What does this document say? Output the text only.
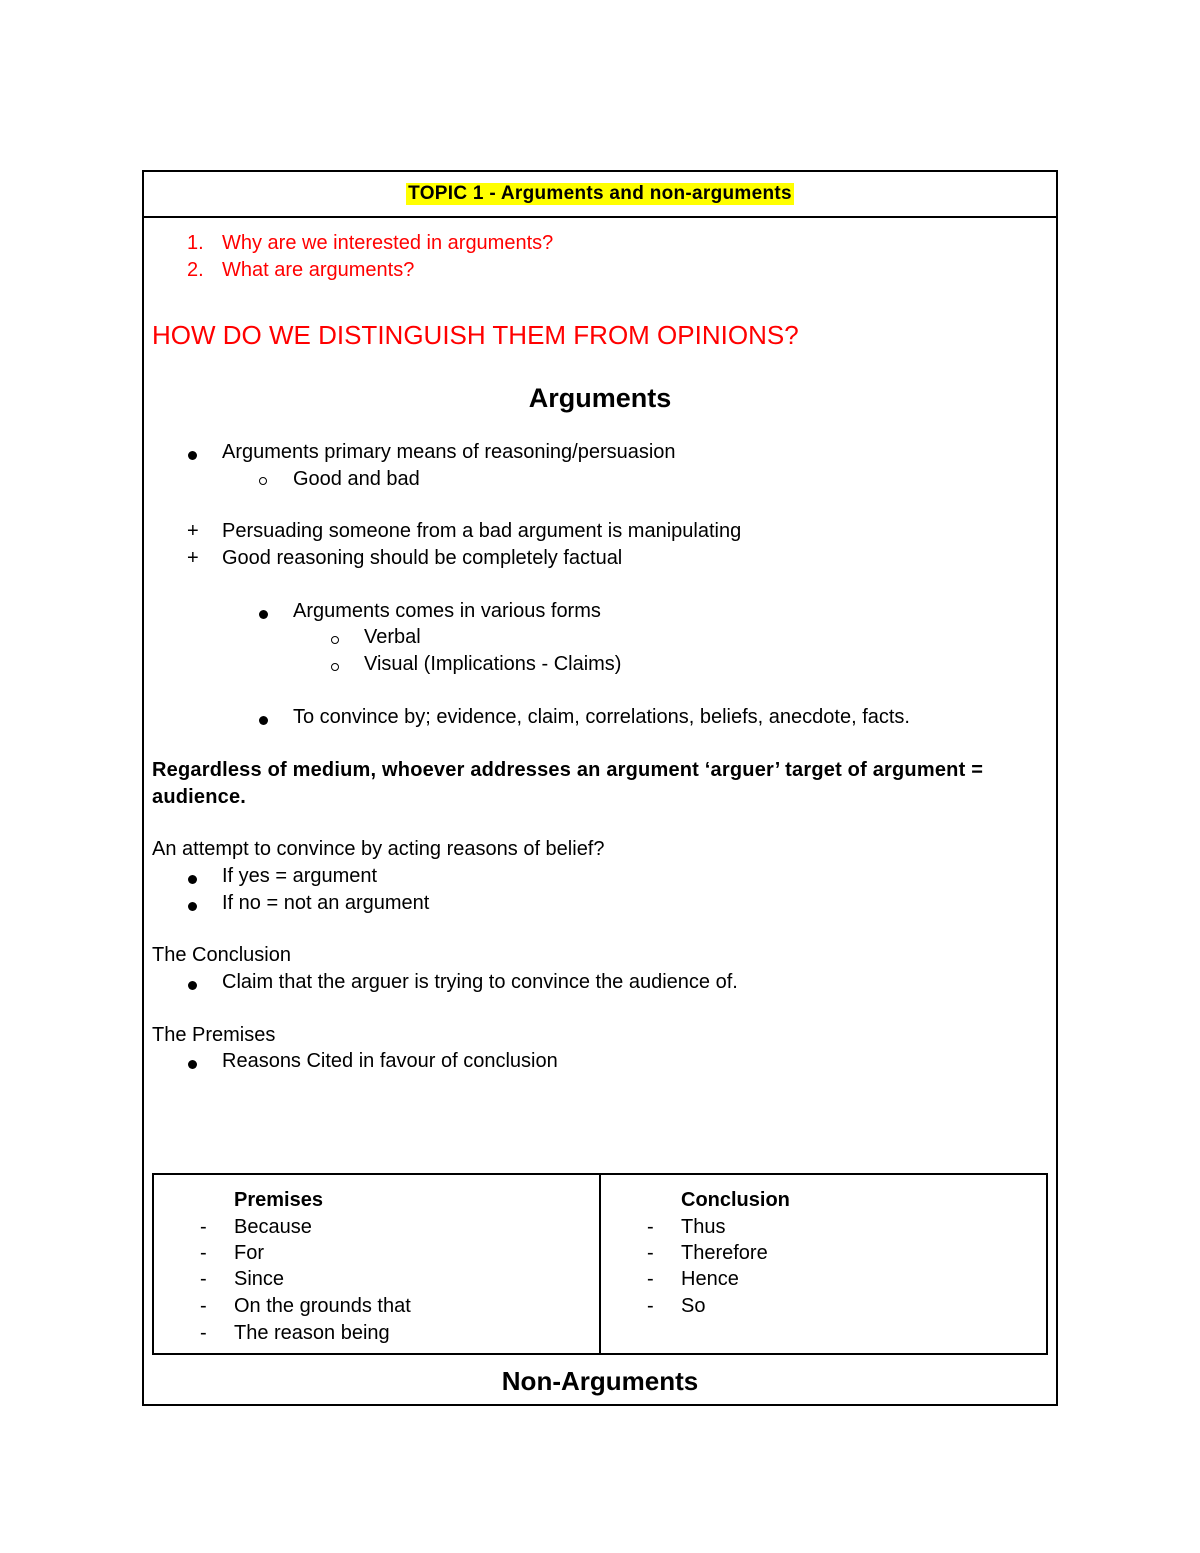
TOPIC 1 - Arguments and non-arguments
1. Why are we interested in arguments?
2. What are arguments?
HOW DO WE DISTINGUISH THEM FROM OPINIONS?
Arguments
Arguments primary means of reasoning/persuasion
Good and bad
+ Persuading someone from a bad argument is manipulating
+ Good reasoning should be completely factual
Arguments comes in various forms
Verbal
Visual (Implications - Claims)
To convince by; evidence, claim, correlations, beliefs, anecdote, facts.
Regardless of medium, whoever addresses an argument ‘arguer’ target of argument =
audience.
An attempt to convince by acting reasons of belief?
If yes = argument
If no = not an argument
The Conclusion
Claim that the arguer is trying to convince the audience of.
The Premises
Reasons Cited in favour of conclusion
Premises
- Because
- For
- Since
- On the grounds that
- The reason being
Conclusion
- Thus
- Therefore
- Hence
- So
Non-Arguments
